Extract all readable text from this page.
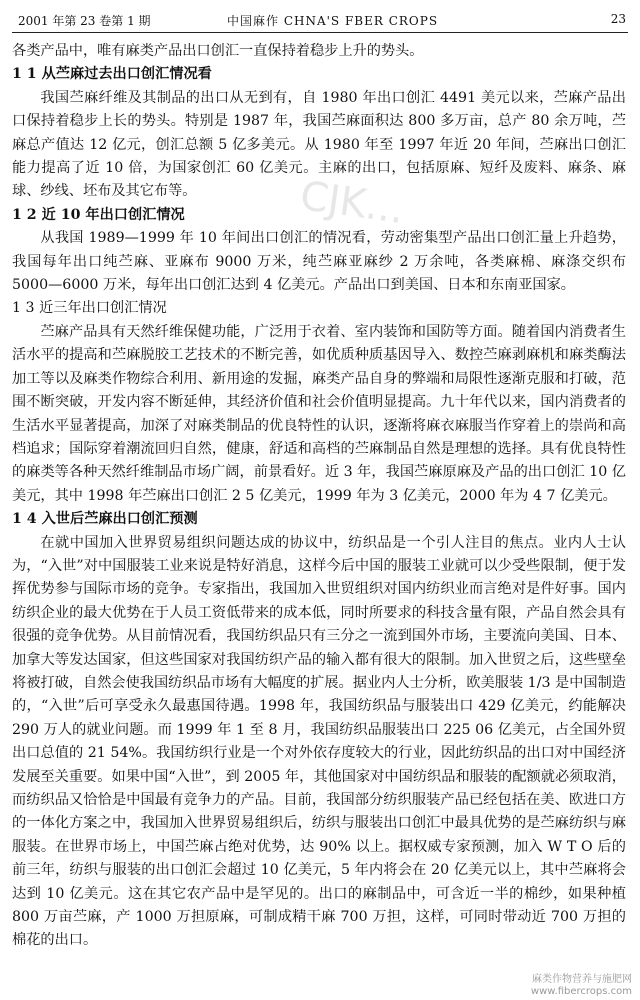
2001 年第 23 卷第 1 期	中国麻作 CHNA'S FBER CROPS	23
CJK...

各类产品中，唯有麻类产品出口创汇一直保持着稳步上升的势头。

1 1 从苎麻过去出口创汇情况看

我国苎麻纤维及其制品的出口从无到有，自 1980 年出口创汇 4491 美元以来，苎麻产品出口保持着稳步上长的势头。特别是 1987 年，我国苎麻面积达 800 多万亩，总产 80 余万吨，苎麻总产值达 12 亿元，创汇总额 5 亿多美元。从 1980 年至 1997 年近 20 年间，苎麻出口创汇能力提高了近 10 倍，为国家创汇 60 亿美元。主麻的出口，包括原麻、短纤及废料、麻条、麻球、纱线、坯布及其它布等。

1 2 近 10 年出口创汇情况

从我国 1989—1999 年 10 年间出口创汇的情况看，劳动密集型产品出口创汇量上升趋势，我国每年出口纯苎麻、亚麻布 9000 万米，纯苎麻亚麻纱 2 万余吨，各类麻棉、麻涤交织布 5000—6000 万米，每年出口创汇达到 4 亿美元。产品出口到美国、日本和东南亚国家。

1 3 近三年出口创汇情况

苎麻产品具有天然纤维保健功能，广泛用于衣着、室内装饰和国防等方面。随着国内消费者生活水平的提高和苎麻脱胶工艺技术的不断完善，如优质种质基因导入、数控苎麻剥麻机和麻类酶法加工等以及麻类作物综合利用、新用途的发掘，麻类产品自身的弊端和局限性逐渐克服和打破，范围不断突破，开发内容不断延伸，其经济价值和社会价值明显提高。九十年代以来，国内消费者的生活水平显著提高，加深了对麻类制品的优良特性的认识，逐渐将麻衣麻服当作穿着上的崇尚和高档追求；国际穿着潮流回归自然，健康，舒适和高档的苎麻制品自然是理想的选择。具有优良特性的麻类等各种天然纤维制品市场广阔，前景看好。近 3 年，我国苎麻原麻及产品的出口创汇 10 亿美元，其中 1998 年苎麻出口创汇 2 5 亿美元，1999 年为 3 亿美元，2000 年为 4 7 亿美元。

1 4 入世后苎麻出口创汇预测

在就中国加入世界贸易组织问题达成的协议中，纺织品是一个引人注目的焦点。业内人士认为，“入世”对中国服装工业来说是特好消息，这样今后中国的服装工业就可以少受些限制，便于发挥优势参与国际市场的竞争。专家指出，我国加入世贸组织对国内纺织业而言绝对是件好事。国内纺织企业的最大优势在于人员工资低带来的成本低，同时所要求的科技含量有限，产品自然会具有很强的竞争优势。从目前情况看，我国纺织品只有三分之一流到国外市场，主要流向美国、日本、加拿大等发达国家，但这些国家对我国纺织产品的输入都有很大的限制。加入世贸之后，这些壁垒将被打破，自然会使我国纺织品市场有大幅度的扩展。据业内人士分析，欧美服装 1/3 是中国制造的，“入世”后可享受永久最惠国待遇。1998 年，我国纺织品与服装出口 429 亿美元，约能解决 290 万人的就业问题。而 1999 年 1 至 8 月，我国纺织品服装出口 225 06 亿美元，占全国外贸出口总值的 21 54%。我国纺织行业是一个对外依存度较大的行业，因此纺织品的出口对中国经济发展至关重要。如果中国“入世”，到 2005 年，其他国家对中国纺织品和服装的配额就必须取消，而纺织品又恰恰是中国最有竞争力的产品。目前，我国部分纺织服装产品已经包括在美、欧进口方的一体化方案之中，我国加入世界贸易组织后，纺织与服装出口创汇中最具优势的是苎麻纺织与麻服装。在世界市场上，中国苎麻占绝对优势，达 90% 以上。据权威专家预测，加入 W T O 后的前三年，纺织与服装的出口创汇会超过 10 亿美元，5 年内将会在 20 亿美元以上，其中苎麻将会达到 10 亿美元。这在其它农产品中是罕见的。出口的麻制品中，可含近一半的棉纱，如果种植 800 万亩苎麻，产 1000 万担原麻，可制成精干麻 700 万担，这样，可同时带动近 700 万担的棉花的出口。

麻类作物营养与施肥网
www.fibercrops.com
